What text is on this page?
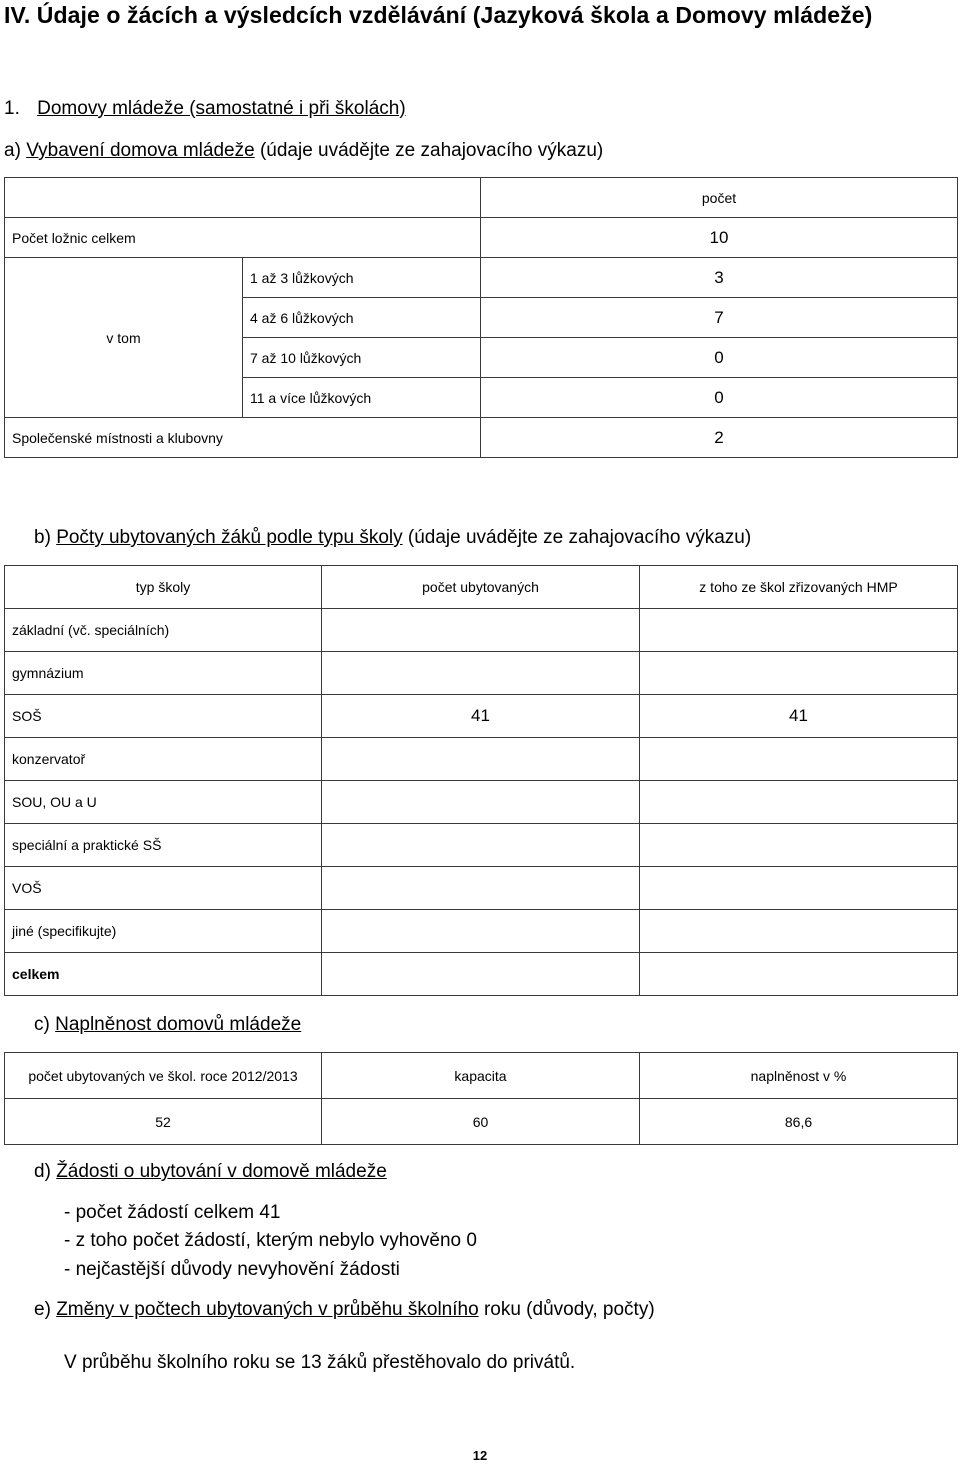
IV. Údaje o žácích a výsledcích vzdělávání (Jazyková škola a Domovy mládeže)
1. Domovy mládeže (samostatné i při školách)
a) Vybavení domova mládeže (údaje uvádějte ze zahajovacího výkazu)
		počet
Počet ložnic celkem		10
v tom	1 až 3 lůžkových	3
	4 až 6 lůžkových	7
	7 až 10 lůžkových	0
	11 a více lůžkových	0
Společenské místnosti a klubovny		2
b) Počty ubytovaných žáků podle typu školy (údaje uvádějte ze zahajovacího výkazu)
typ školy	počet ubytovaných	z toho ze škol zřizovaných HMP
základní (vč. speciálních)		
gymnázium		
SOŠ	41	41
konzervatoř		
SOU, OU a U		
speciální a praktické SŠ		
VOŠ		
jiné (specifikujte)		
celkem		
c) Naplněnost domovů mládeže
počet ubytovaných ve škol. roce 2012/2013	kapacita	naplněnost v %
52	60	86,6
d) Žádosti o ubytování v domově mládeže
- počet žádostí celkem 41
- z toho počet žádostí, kterým nebylo vyhověno 0
- nejčastější důvody nevyhovění žádosti
e) Změny v počtech ubytovaných v průběhu školního roku (důvody, počty)
V průběhu školního roku se 13 žáků přestěhovalo do privátů.
12
